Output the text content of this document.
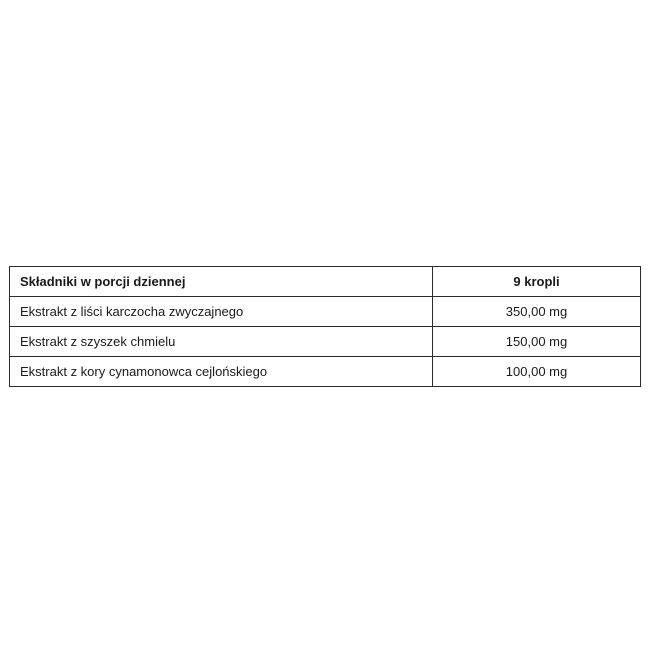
Składniki w porcji dziennej	9 kropli
Ekstrakt z liści karczocha zwyczajnego	350,00 mg
Ekstrakt z szyszek chmielu	150,00 mg
Ekstrakt z kory cynamonowca cejlońskiego	100,00 mg
